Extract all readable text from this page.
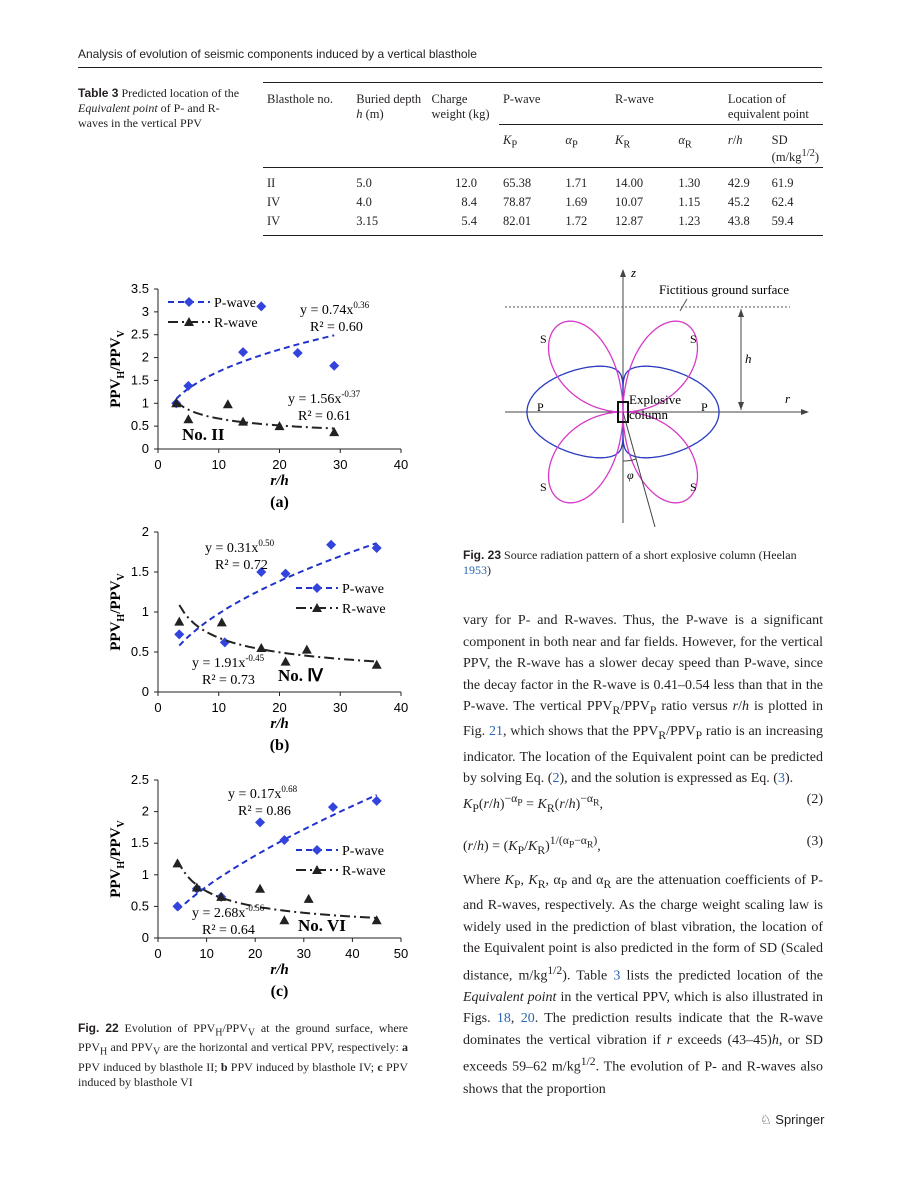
Analysis of evolution of seismic components induced by a vertical blasthole
Table 3 Predicted location of the Equivalent point of P- and R-waves in the vertical PPV
Blasthole no.	Buried depth h (m)	Charge weight (kg)	P-wave		R-wave		Location of equivalent point	
			$K_P$	$\alpha_P$	$K_R$	$\alpha_R$	r/h	SD $(m/kg^{1/2})$
II	5.0	12.0	65.38	1.71	14.00	1.30	42.9	61.9
IV	4.0	8.4	78.87	1.69	10.07	1.15	45.2	62.4
IV	3.15	5.4	82.01	1.72	12.87	1.23	43.8	59.4
0
0.5
1
1.5
2
2.5
3
3.5
0	10	20	30	40
r/h
$PPV_H/PPV_V$
(a)
No. II
P-wave	$y = 0.74x^{0.36}$
R² = 0.60
R-wave
$y = 1.56x^{-0.37}$
R² = 0.61
0
0.5
1
1.5
2
0	10	20	30	40
r/h
$PPV_H/PPV_V$
(b)
No. Ⅳ
P-wave
$y = 0.31x^{0.50}$
R² = 0.72
R-wave
$y = 1.91x^{-0.45}$
R² = 0.73
0
0.5
1
1.5
2
2.5
0	10	20	30	40	50
r/h
$PPV_H/PPV_V$
(c)
No. VI
P-wave
$y = 0.17x^{0.68}$
R² = 0.86
R-wave
$y = 2.68x^{-0.56}$
R² = 0.64
Fig. 22 Evolution of $PPV_H/PPV_V$ at the ground surface, where $PPV_H$ and $PPV_V$ are the horizontal and vertical PPV, respectively: a PPV induced by blasthole II; b PPV induced by blasthole IV; c PPV induced by blasthole VI
z
r
Fictitious ground surface
h
Explosive
column
P	P
S	S
S	S
φ
Fig. 23 Source radiation pattern of a short explosive column (Heelan 1953)
vary for P- and R-waves. Thus, the P-wave is a significant component in both near and far fields. However, for the vertical PPV, the R-wave has a slower decay speed than P-wave, since the decay factor in the R-wave is 0.41–0.54 less than that in the P-wave. The vertical $PPV_R/PPV_P$ ratio versus r/h is plotted in Fig. 21, which shows that the $PPV_R/PPV_P$ ratio is an increasing indicator. The location of the Equivalent point can be predicted by solving Eq. (2), and the solution is expressed as Eq. (3).
$K_P(r/h)^{-\alpha_P} = K_R(r/h)^{-\alpha_R}$,	(2)
$(r/h) = (K_P/K_R)^{1/(\alpha_P-\alpha_R)}$,	(3)
Where $K_P$, $K_R$, $\alpha_P$ and $\alpha_R$ are the attenuation coefficients of P- and R-waves, respectively. As the charge weight scaling law is widely used in the prediction of blast vibration, the location of the Equivalent point is also predicted in the form of SD (Scaled distance, $m/kg^{1/2}$). Table 3 lists the predicted location of the Equivalent point in the vertical PPV, which is also illustrated in Figs. 18, 20. The prediction results indicate that the R-wave dominates the vertical vibration if r exceeds (43–45)h, or SD exceeds 59–62 $m/kg^{1/2}$. The evolution of P- and R-waves also shows that the proportion
♘ Springer
